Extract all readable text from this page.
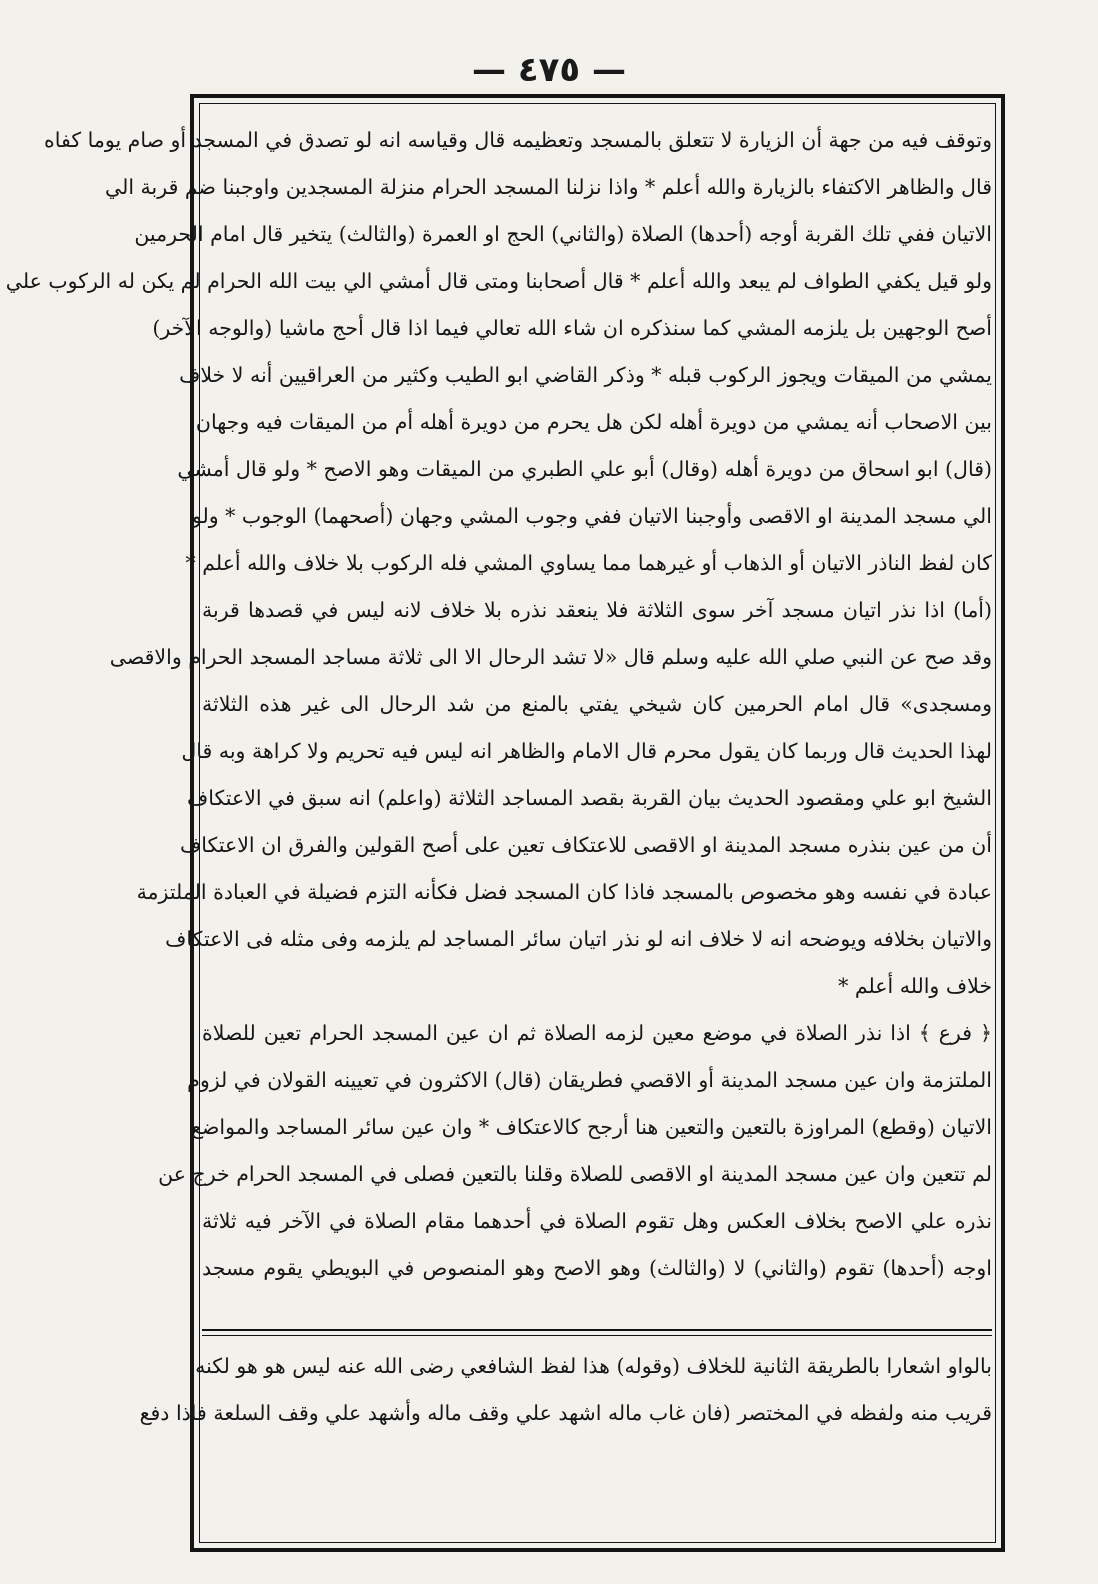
— ٤٧٥ —
وتوقف فيه من جهة أن الزيارة لا تتعلق بالمسجد وتعظيمه قال وقياسه انه لو تصدق في المسجد أو صام يوما كفاه
قال والظاهر الاكتفاء بالزيارة والله أعلم * واذا نزلنا المسجد الحرام منزلة المسجدين واوجبنا ضم قربة الي
الاتيان ففي تلك القربة أوجه (أحدها) الصلاة (والثاني) الحج او العمرة (والثالث) يتخير قال امام الحرمين
ولو قيل يكفي الطواف لم يبعد والله أعلم * قال أصحابنا ومتى قال أمشي الي بيت الله الحرام لم يكن له الركوب علي
أصح الوجهين بل يلزمه المشي كما سنذكره ان شاء الله تعالي فيما اذا قال أحج ماشيا (والوجه الآخر)
يمشي من الميقات ويجوز الركوب قبله * وذكر القاضي ابو الطيب وكثير من العراقيين أنه لا خلاف
بين الاصحاب أنه يمشي من دويرة أهله لكن هل يحرم من دويرة أهله أم من الميقات فيه وجهان
(قال) ابو اسحاق من دويرة أهله (وقال) أبو علي الطبري من الميقات وهو الاصح * ولو قال أمشي
الي مسجد المدينة او الاقصى وأوجبنا الاتيان ففي وجوب المشي وجهان (أصحهما) الوجوب * ولو
كان لفظ الناذر الاتيان أو الذهاب أو غيرهما مما يساوي المشي فله الركوب بلا خلاف والله أعلم *
(أما) اذا نذر اتيان مسجد آخر سوى الثلاثة فلا ينعقد نذره بلا خلاف لانه ليس في قصدها قربة
وقد صح عن النبي صلي الله عليه وسلم قال «لا تشد الرحال الا الى ثلاثة مساجد المسجد الحرام والاقصى
ومسجدى» قال امام الحرمين كان شيخي يفتي بالمنع من شد الرحال الى غير هذه الثلاثة
لهذا الحديث قال وربما كان يقول محرم قال الامام والظاهر انه ليس فيه تحريم ولا كراهة وبه قال
الشيخ ابو علي ومقصود الحديث بيان القربة بقصد المساجد الثلاثة (واعلم) انه سبق في الاعتكاف
أن من عين بنذره مسجد المدينة او الاقصى للاعتكاف تعين على أصح القولين والفرق ان الاعتكاف
عبادة في نفسه وهو مخصوص بالمسجد فاذا كان المسجد فضل فكأنه التزم فضيلة في العبادة الملتزمة
والاتيان بخلافه ويوضحه انه لا خلاف انه لو نذر اتيان سائر المساجد لم يلزمه وفى مثله فى الاعتكاف
خلاف والله أعلم *
﴿ فرع ﴾ اذا نذر الصلاة في موضع معين لزمه الصلاة ثم ان عين المسجد الحرام تعين للصلاة
الملتزمة وان عين مسجد المدينة أو الاقصي فطريقان (قال) الاكثرون في تعيينه القولان في لزوم
الاتيان (وقطع) المراوزة بالتعين والتعين هنا أرجح كالاعتكاف * وان عين سائر المساجد والمواضع
لم تتعين وان عين مسجد المدينة او الاقصى للصلاة وقلنا بالتعين فصلى في المسجد الحرام خرج عن
نذره علي الاصح بخلاف العكس وهل تقوم الصلاة في أحدهما مقام الصلاة في الآخر فيه ثلاثة
اوجه (أحدها) تقوم (والثاني) لا (والثالث) وهو الاصح وهو المنصوص في البويطي يقوم مسجد
بالواو اشعارا بالطريقة الثانية للخلاف (وقوله) هذا لفظ الشافعي رضى الله عنه ليس هو هو لكنه
قريب منه ولفظه في المختصر (فان غاب ماله اشهد علي وقف ماله وأشهد علي وقف السلعة فاذا دفع
